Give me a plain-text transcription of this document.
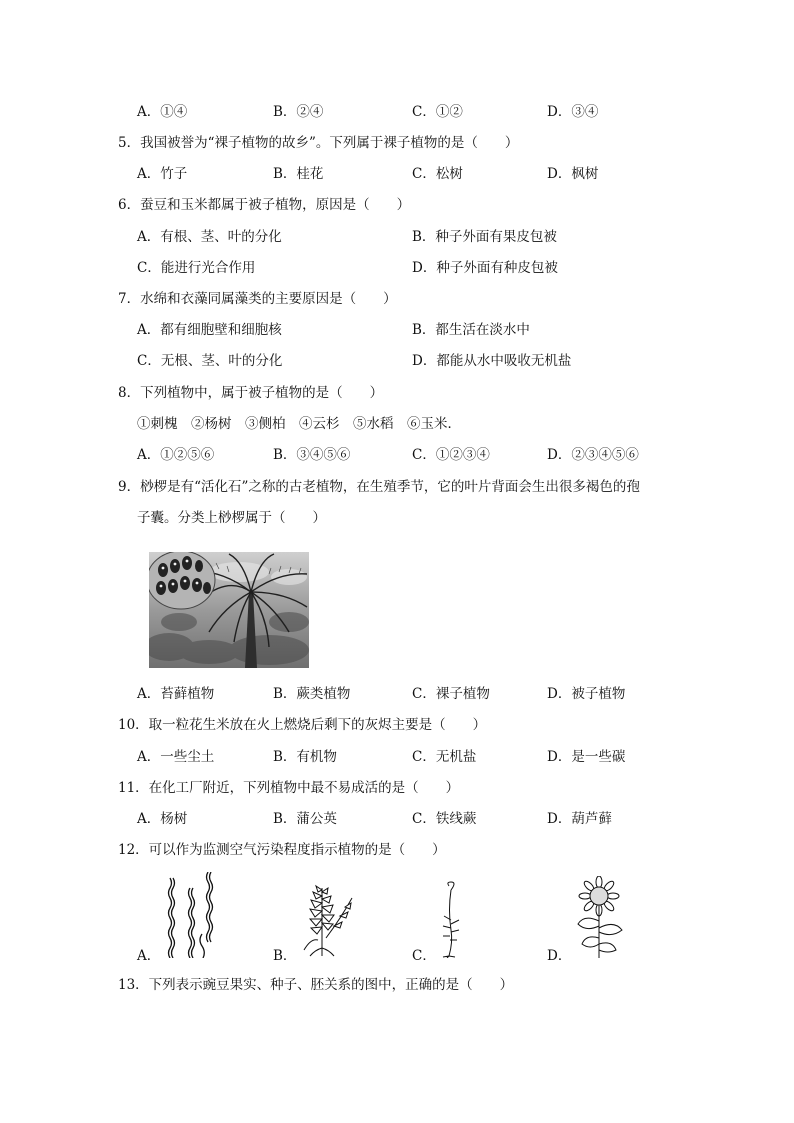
A．①④	B．②④	C．①②	D．③④
5．我国被誉为“裸子植物的故乡”。下列属于裸子植物的是（　　）
A．竹子	B．桂花	C．松树	D．枫树
6．蚕豆和玉米都属于被子植物，原因是（　　）
A．有根、茎、叶的分化	B．种子外面有果皮包被
C．能进行光合作用	D．种子外面有种皮包被
7．水绵和衣藻同属藻类的主要原因是（　　）
A．都有细胞壁和细胞核	B．都生活在淡水中
C．无根、茎、叶的分化	D．都能从水中吸收无机盐
8．下列植物中，属于被子植物的是（　　）
①刺槐　②杨树　③侧柏　④云杉　⑤水稻　⑥玉米．
A．①②⑤⑥	B．③④⑤⑥	C．①②③④	D．②③④⑤⑥
9．桫椤是有“活化石”之称的古老植物，在生殖季节，它的叶片背面会生出很多褐色的孢
子囊。分类上桫椤属于（　　）
A．苔藓植物	B．蕨类植物	C．裸子植物	D．被子植物
10．取一粒花生米放在火上燃烧后剩下的灰烬主要是（　　）
A．一些尘土	B．有机物	C．无机盐	D．是一些碳
11．在化工厂附近，下列植物中最不易成活的是（　　）
A．杨树	B．蒲公英	C．铁线蕨	D．葫芦藓
12．可以作为监测空气污染程度指示植物的是（　　）
A．	B．	C．	D．
13．下列表示豌豆果实、种子、胚关系的图中，正确的是（　　）
